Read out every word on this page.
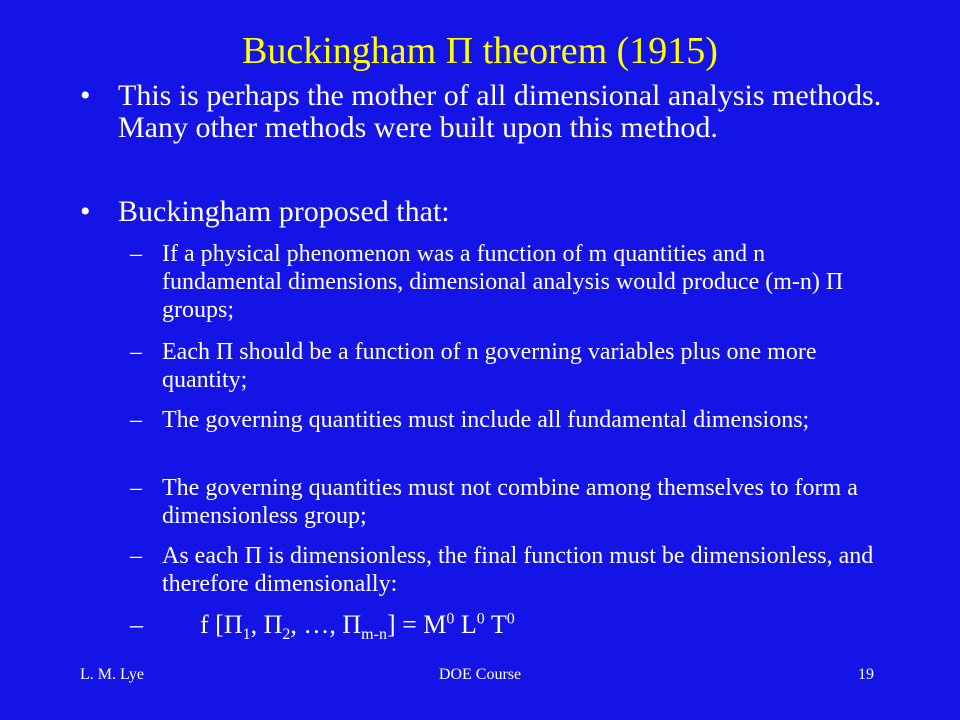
Buckingham Π theorem (1915)
• This is perhaps the mother of all dimensional analysis methods. Many other methods were built upon this method.
• Buckingham proposed that:
– If a physical phenomenon was a function of m quantities and n fundamental dimensions, dimensional analysis would produce (m-n) Π groups;
– Each Π should be a function of n governing variables plus one more quantity;
– The governing quantities must include all fundamental dimensions;
– The governing quantities must not combine among themselves to form a dimensionless group;
– As each Π is dimensionless, the final function must be dimensionless, and therefore dimensionally:
– f [$\Pi_1$, $\Pi_2$, …, $\Pi_{m-n}] = M^0$ $L^0$ $T^0$
L. M. Lye	DOE Course	19
